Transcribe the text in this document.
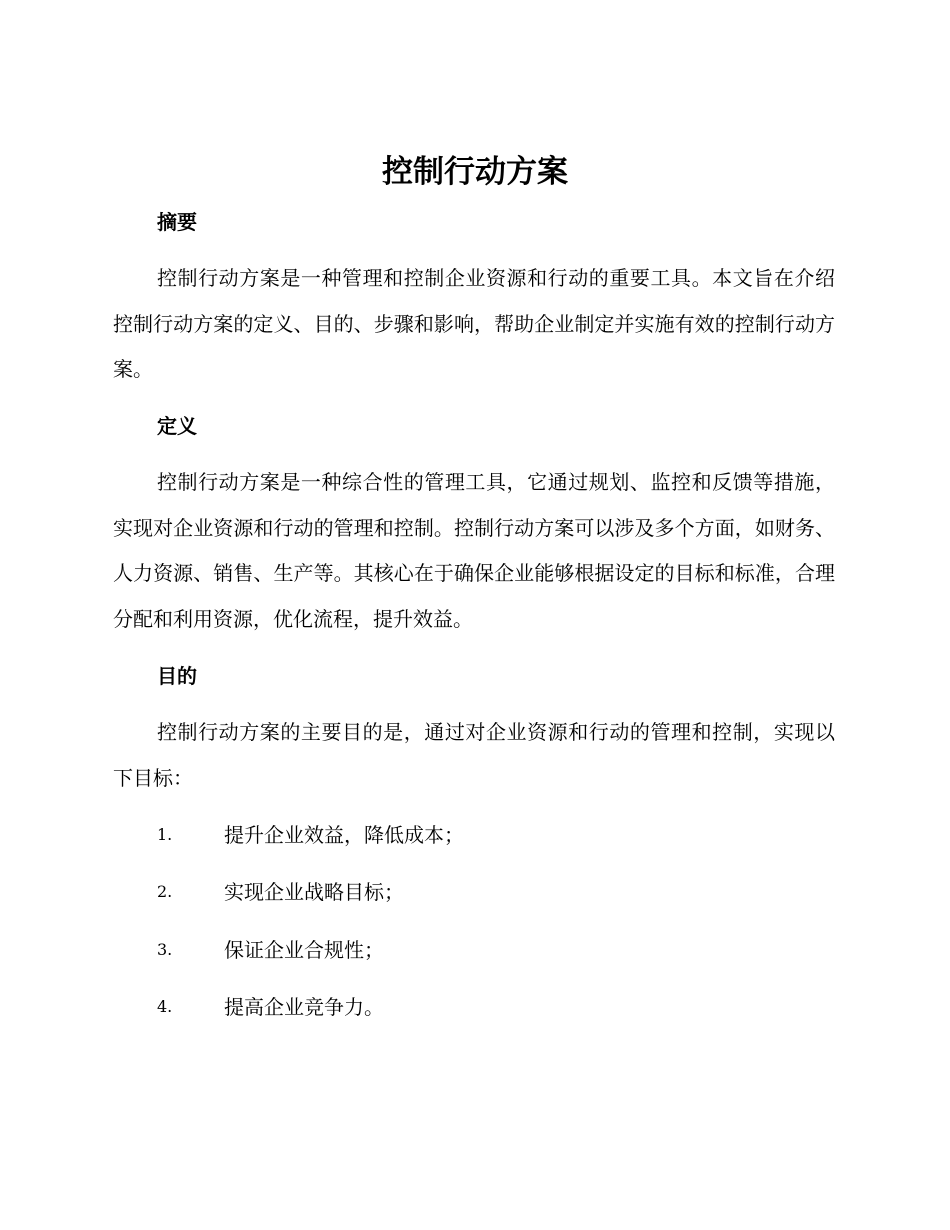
控制行动方案
摘要

控制行动方案是一种管理和控制企业资源和行动的重要工具。本文旨在介绍控制行动方案的定义、目的、步骤和影响，帮助企业制定并实施有效的控制行动方案。

定义

控制行动方案是一种综合性的管理工具，它通过规划、监控和反馈等措施，实现对企业资源和行动的管理和控制。控制行动方案可以涉及多个方面，如财务、人力资源、销售、生产等。其核心在于确保企业能够根据设定的目标和标准，合理分配和利用资源，优化流程，提升效益。

目的

控制行动方案的主要目的是，通过对企业资源和行动的管理和控制，实现以下目标：

1.	提升企业效益，降低成本；
2.	实现企业战略目标；
3.	保证企业合规性；
4.	提高企业竞争力。
